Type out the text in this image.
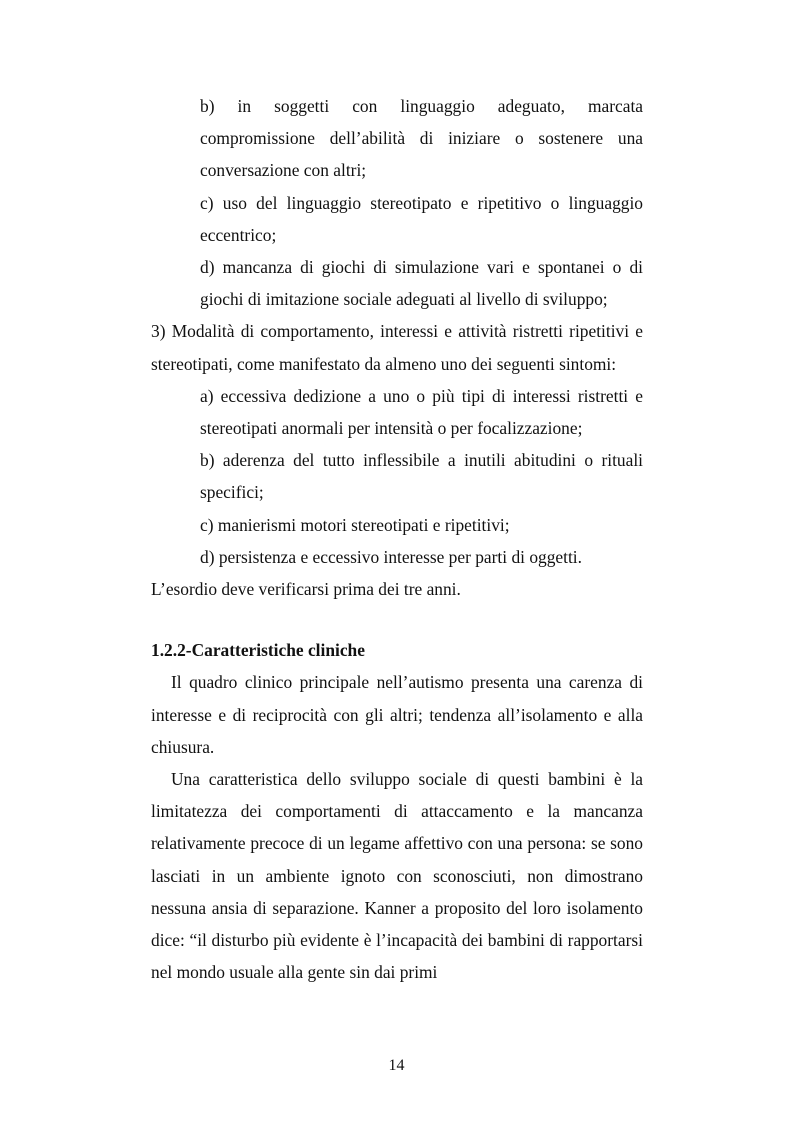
b) in soggetti con linguaggio adeguato, marcata compromissione dell’abilità di iniziare o sostenere una conversazione con altri;

c) uso del linguaggio stereotipato e ripetitivo o linguaggio eccentrico;

d) mancanza di giochi di simulazione vari e spontanei o di giochi di imitazione sociale adeguati al livello di sviluppo;

3) Modalità di comportamento, interessi e attività ristretti ripetitivi e stereotipati, come manifestato da almeno uno dei seguenti sintomi:

a) eccessiva dedizione a uno o più tipi di interessi ristretti e stereotipati anormali per intensità o per focalizzazione;

b) aderenza del tutto inflessibile a inutili abitudini o rituali specifici;

c) manierismi motori stereotipati e ripetitivi;

d) persistenza e eccessivo interesse per parti di oggetti.

L’esordio deve verificarsi prima dei tre anni.

1.2.2-Caratteristiche cliniche

Il quadro clinico principale nell’autismo presenta una carenza di interesse e di reciprocità con gli altri; tendenza all’isolamento e alla chiusura.

Una caratteristica dello sviluppo sociale di questi bambini è la limitatezza dei comportamenti di attaccamento e la mancanza relativamente precoce di un legame affettivo con una persona: se sono lasciati in un ambiente ignoto con sconosciuti, non dimostrano nessuna ansia di separazione. Kanner a proposito del loro isolamento dice: “il disturbo più evidente è l’incapacità dei bambini di rapportarsi nel mondo usuale alla gente sin dai primi

14
